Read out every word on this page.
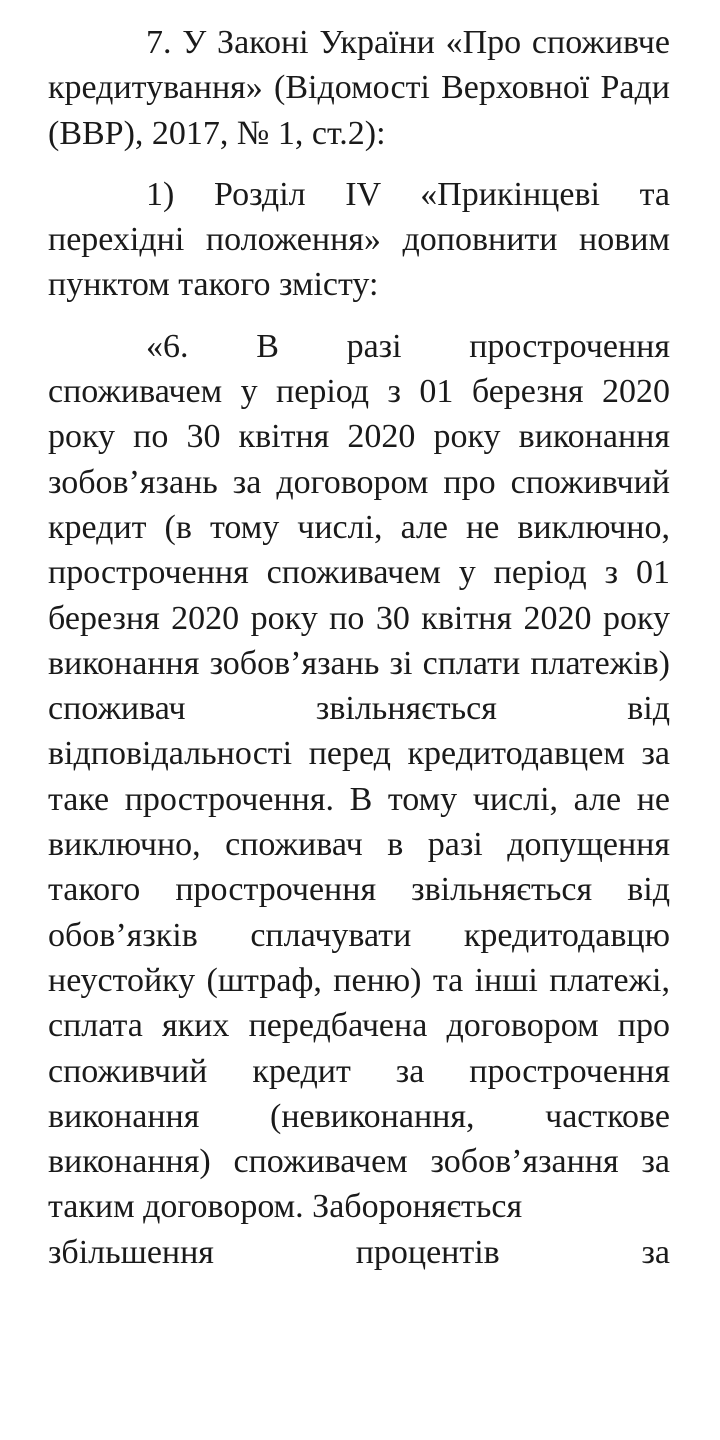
7. У Законі України «Про споживче кредитування» (Відомості Верховної Ради (ВВР), 2017, № 1, ст.2):

1) Розділ IV «Прикінцеві та перехідні положення» доповнити новим пунктом такого змісту:

«6. В разі прострочення споживачем у період з 01 березня 2020 року по 30 квітня 2020 року виконання зобов’язань за договором про споживчий кредит (в тому числі, але не виключно, прострочення споживачем у період з 01 березня 2020 року по 30 квітня 2020 року виконання зобов’язань зі сплати платежів) споживач звільняється від відповідальності перед кредитодавцем за таке прострочення. В тому числі, але не виключно, споживач в разі допущення такого прострочення звільняється від обов’язків сплачувати кредитодавцю неустойку (штраф, пеню) та інші платежі, сплата яких передбачена договором про споживчий кредит за прострочення виконання (невиконання, часткове виконання) споживачем зобов’язання за таким договором. Забороняється

збільшення процентів за
